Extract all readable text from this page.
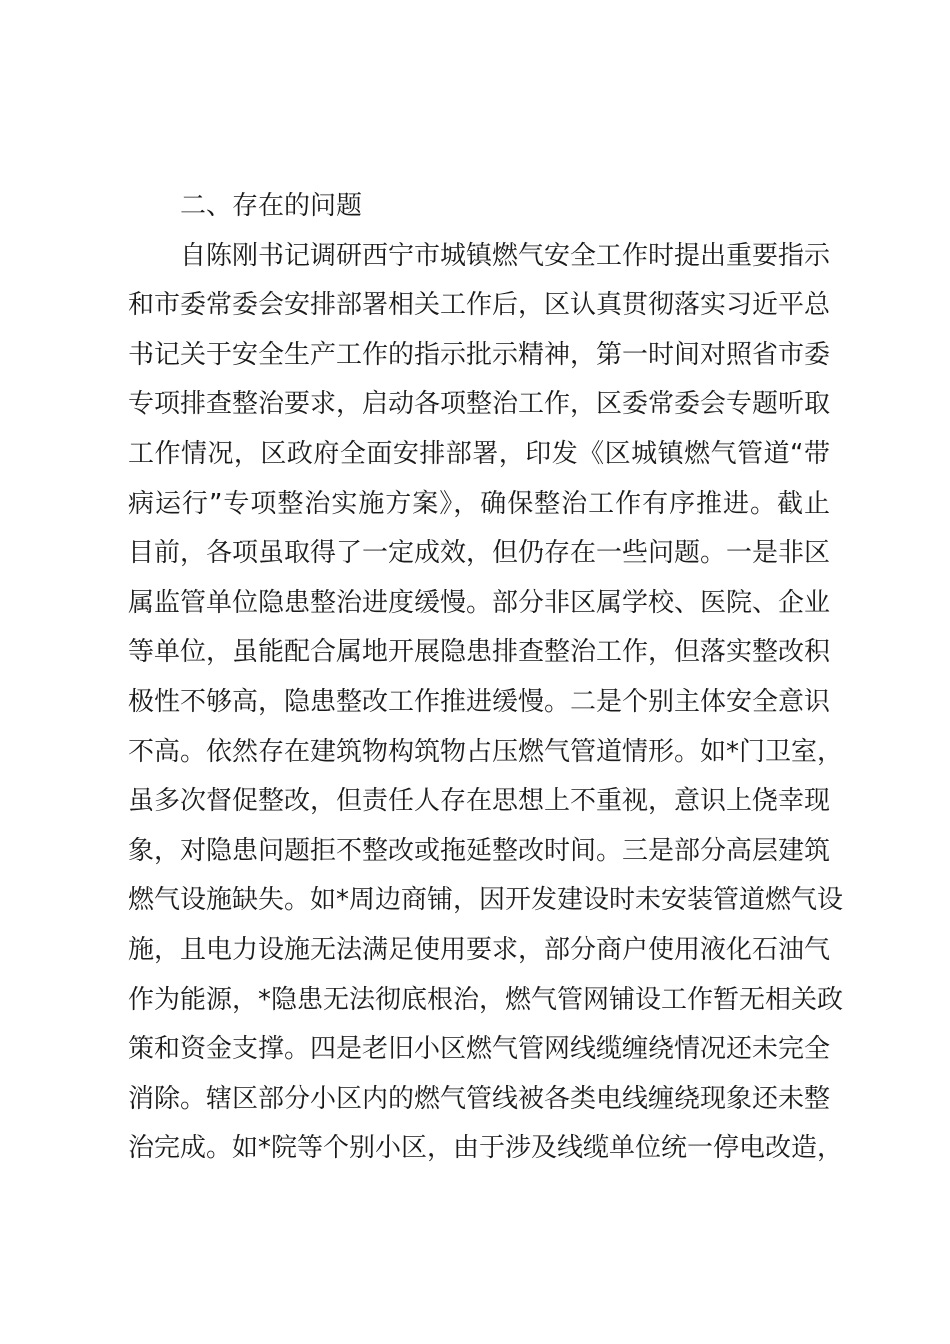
二、存在的问题
自陈刚书记调研西宁市城镇燃气安全工作时提出重要指示
和市委常委会安排部署相关工作后，区认真贯彻落实习近平总
书记关于安全生产工作的指示批示精神，第一时间对照省市委
专项排查整治要求，启动各项整治工作，区委常委会专题听取
工作情况，区政府全面安排部署，印发《区城镇燃气管道“带
病运行”专项整治实施方案》，确保整治工作有序推进。截止
目前，各项虽取得了一定成效，但仍存在一些问题。一是非区
属监管单位隐患整治进度缓慢。部分非区属学校、医院、企业
等单位，虽能配合属地开展隐患排查整治工作，但落实整改积
极性不够高，隐患整改工作推进缓慢。二是个别主体安全意识
不高。依然存在建筑物构筑物占压燃气管道情形。如*门卫室，
虽多次督促整改，但责任人存在思想上不重视，意识上侥幸现
象，对隐患问题拒不整改或拖延整改时间。三是部分高层建筑
燃气设施缺失。如*周边商铺，因开发建设时未安装管道燃气设
施，且电力设施无法满足使用要求，部分商户使用液化石油气
作为能源，*隐患无法彻底根治，燃气管网铺设工作暂无相关政
策和资金支撑。四是老旧小区燃气管网线缆缠绕情况还未完全
消除。辖区部分小区内的燃气管线被各类电线缠绕现象还未整
治完成。如*院等个别小区，由于涉及线缆单位统一停电改造，
